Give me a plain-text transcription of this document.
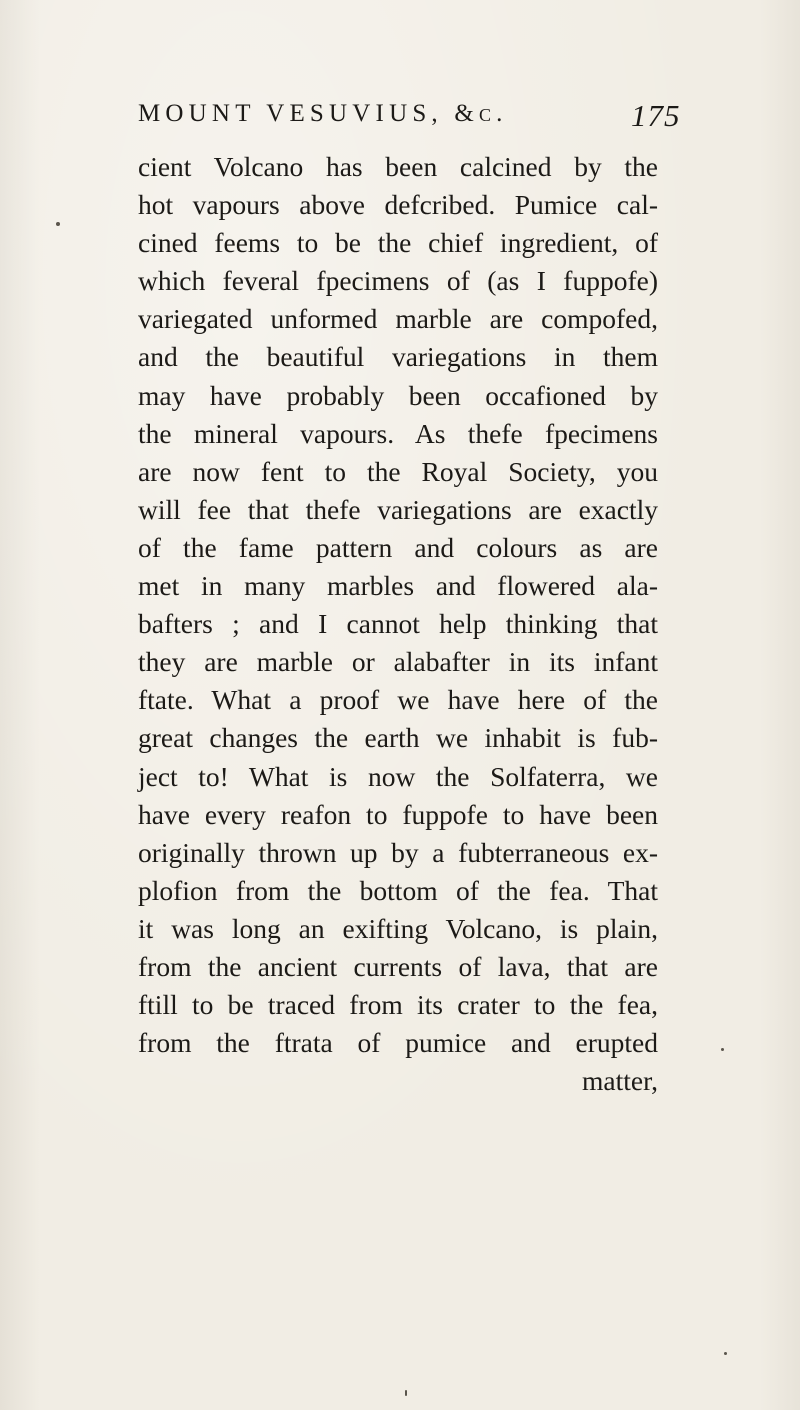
MOUNT VESUVIUS, &c.	175
cient Volcano has been calcined by the
hot vapours above defcribed. Pumice cal-
cined feems to be the chief ingredient, of
which feveral fpecimens of (as I fuppofe)
variegated unformed marble are compofed,
and the beautiful variegations in them
may have probably been occafioned by
the mineral vapours. As thefe fpecimens
are now fent to the Royal Society, you
will fee that thefe variegations are exactly
of the fame pattern and colours as are
met in many marbles and flowered ala-
bafters ; and I cannot help thinking that
they are marble or alabafter in its infant
ftate. What a proof we have here of the
great changes the earth we inhabit is fub-
ject to! What is now the Solfaterra, we
have every reafon to fuppofe to have been
originally thrown up by a fubterraneous ex-
plofion from the bottom of the fea. That
it was long an exifting Volcano, is plain,
from the ancient currents of lava, that are
ftill to be traced from its crater to the fea,
from the ftrata of pumice and erupted
matter,
